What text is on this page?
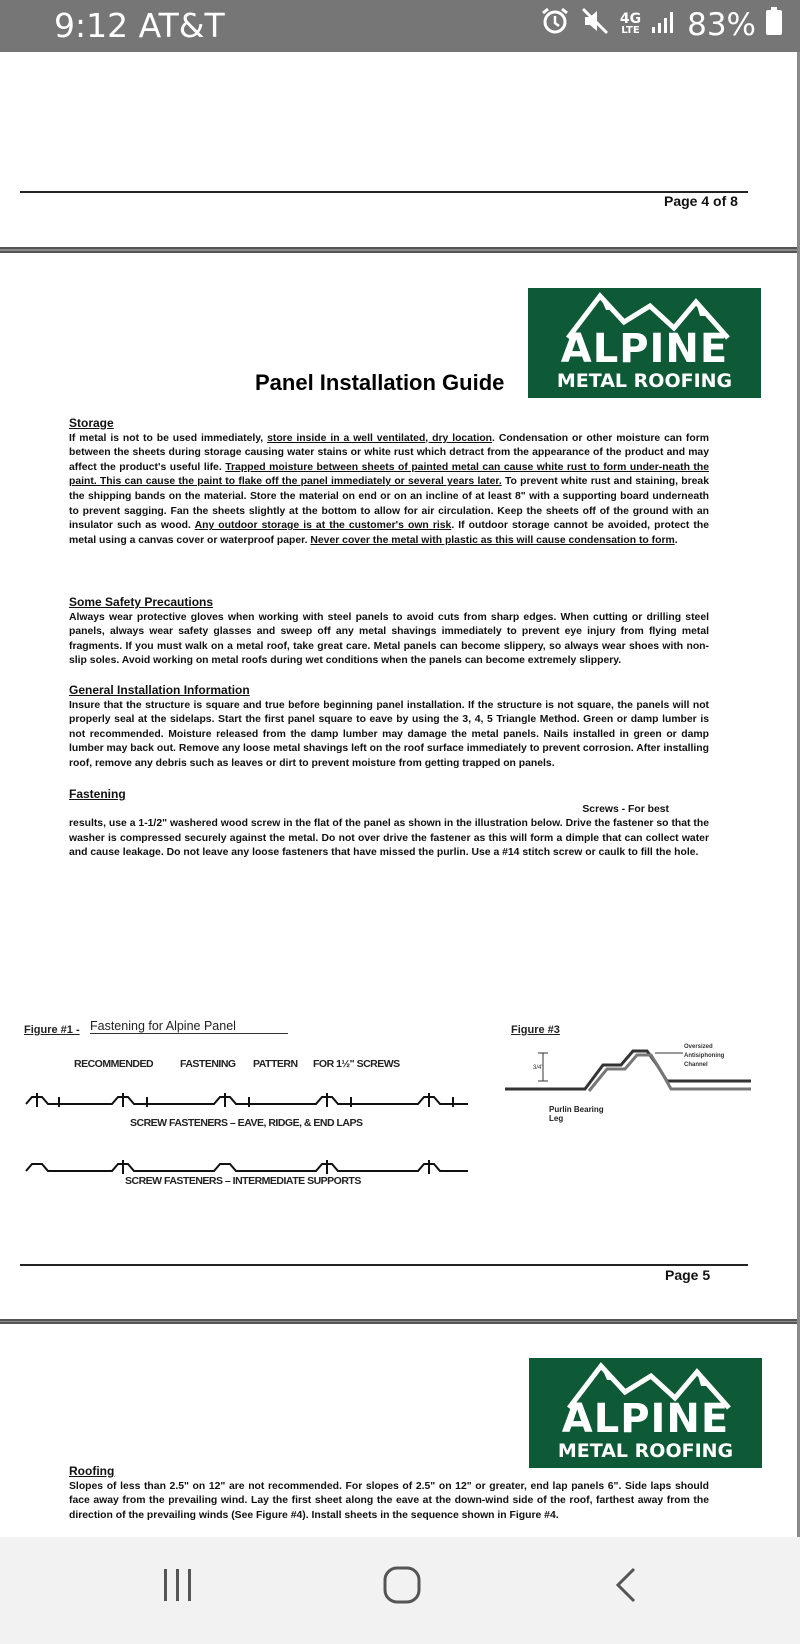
9:12 AT&T	4G
LTE 83%
Page 4 of 8
ALPINE
METAL ROOFING
Panel Installation Guide
Storage
If metal is not to be used immediately, store inside in a well ventilated, dry location. Condensation or other moisture can form between the sheets during storage causing water stains or white rust which detract from the appearance of the product and may affect the product's useful life. Trapped moisture between sheets of painted metal can cause white rust to form under-neath the paint. This can cause the paint to flake off the panel immediately or several years later. To prevent white rust and staining, break the shipping bands on the material. Store the material on end or on an incline of at least 8" with a supporting board underneath to prevent sagging. Fan the sheets slightly at the bottom to allow for air circulation. Keep the sheets off of the ground with an insulator such as wood. Any outdoor storage is at the customer's own risk. If outdoor storage cannot be avoided, protect the metal using a canvas cover or waterproof paper. Never cover the metal with plastic as this will cause condensation to form.
Some Safety Precautions
Always wear protective gloves when working with steel panels to avoid cuts from sharp edges. When cutting or drilling steel panels, always wear safety glasses and sweep off any metal shavings immediately to prevent eye injury from flying metal fragments. If you must walk on a metal roof, take great care. Metal panels can become slippery, so always wear shoes with non-slip soles. Avoid working on metal roofs during wet conditions when the panels can become extremely slippery.
General Installation Information
Insure that the structure is square and true before beginning panel installation. If the structure is not square, the panels will not properly seal at the sidelaps. Start the first panel square to eave by using the 3, 4, 5 Triangle Method. Green or damp lumber is not recommended. Moisture released from the damp lumber may damage the metal panels. Nails installed in green or damp lumber may back out. Remove any loose metal shavings left on the roof surface immediately to prevent corrosion. After installing roof, remove any debris such as leaves or dirt to prevent moisture from getting trapped on panels.
Fastening
Screws - For best
results, use a 1-1/2" washered wood screw in the flat of the panel as shown in the illustration below. Drive the fastener so that the washer is compressed securely against the metal. Do not over drive the fastener as this will form a dimple that can collect water and cause leakage. Do not leave any loose fasteners that have missed the purlin. Use a #14 stitch screw or caulk to fill the hole.
Figure #1 - Fastening for Alpine Panel
RECOMMENDED	FASTENING PATTERN FOR 1½" SCREWS
SCREW FASTENERS – EAVE, RIDGE, & END LAPS
SCREW FASTENERS – INTERMEDIATE SUPPORTS
Figure #3
3/4"
Oversized
Antisiphoning
Channel
Purlin Bearing
Leg
Page 5
ALPINE
METAL ROOFING
Roofing
Slopes of less than 2.5" on 12" are not recommended. For slopes of 2.5" on 12" or greater, end lap panels 6". Side laps should face away from the prevailing wind. Lay the first sheet along the eave at the down-wind side of the roof, farthest away from the direction of the prevailing winds (See Figure #4). Install sheets in the sequence shown in Figure #4.
